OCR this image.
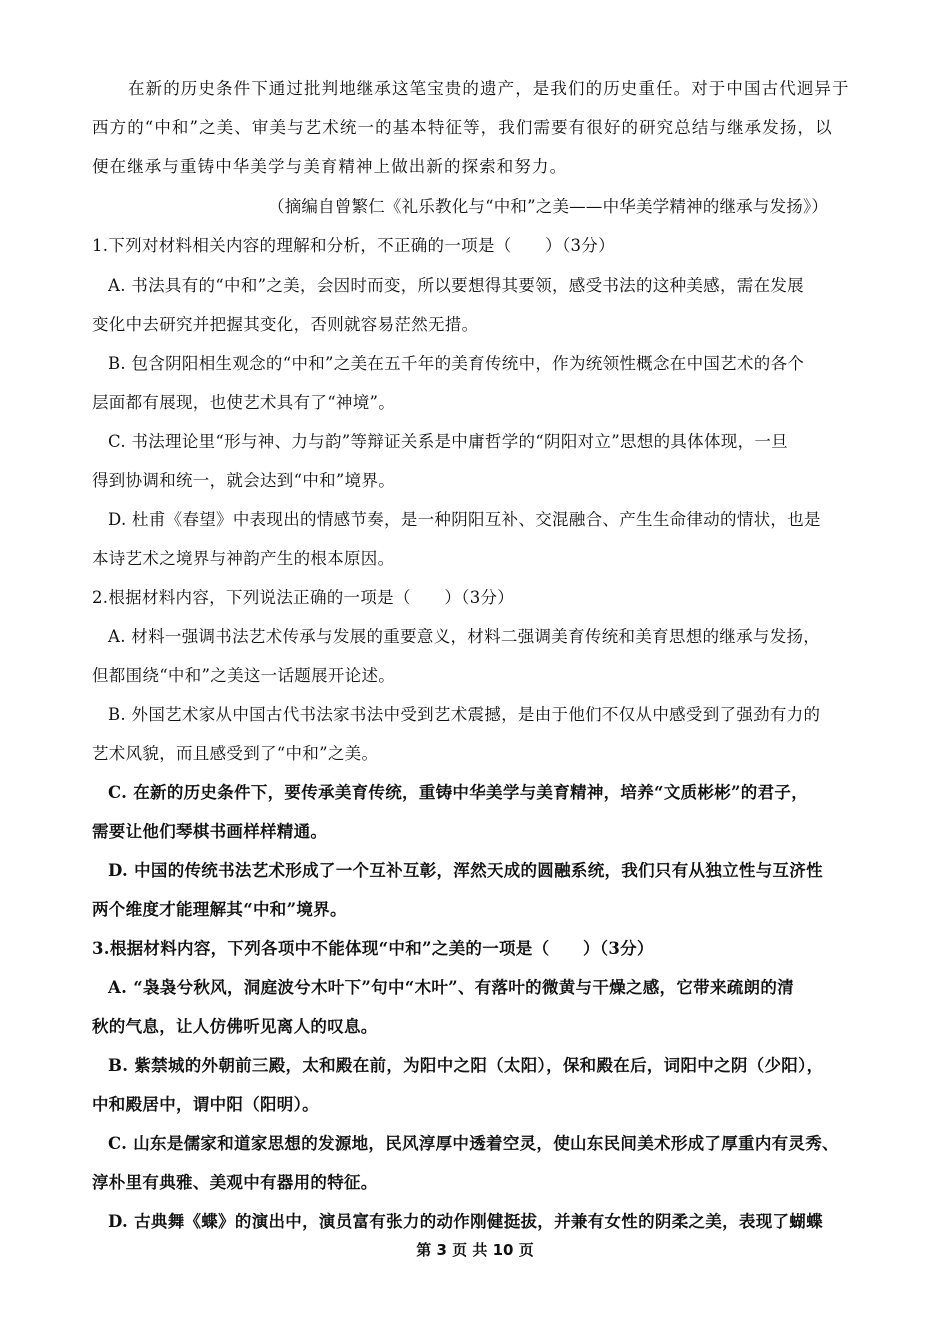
在新的历史条件下通过批判地继承这笔宝贵的遗产，是我们的历史重任。对于中国古代迥异于
西方的“中和”之美、审美与艺术统一的基本特征等，我们需要有很好的研究总结与继承发扬，以
便在继承与重铸中华美学与美育精神上做出新的探索和努力。
（摘编自曾繁仁《礼乐教化与“中和”之美——中华美学精神的继承与发扬》）
1.下列对材料相关内容的理解和分析，不正确的一项是（　　）（3分）
A. 书法具有的“中和”之美，会因时而变，所以要想得其要领，感受书法的这种美感，需在发展
变化中去研究并把握其变化，否则就容易茫然无措。
B. 包含阴阳相生观念的“中和”之美在五千年的美育传统中，作为统领性概念在中国艺术的各个
层面都有展现，也使艺术具有了“神境”。
C. 书法理论里“形与神、力与韵”等辩证关系是中庸哲学的“阴阳对立”思想的具体体现，一旦
得到协调和统一，就会达到“中和”境界。
D. 杜甫《春望》中表现出的情感节奏，是一种阴阳互补、交混融合、产生生命律动的情状，也是
本诗艺术之境界与神韵产生的根本原因。
2.根据材料内容，下列说法正确的一项是（　　）（3分）
A. 材料一强调书法艺术传承与发展的重要意义，材料二强调美育传统和美育思想的继承与发扬，
但都围绕“中和”之美这一话题展开论述。
B. 外国艺术家从中国古代书法家书法中受到艺术震撼，是由于他们不仅从中感受到了强劲有力的
艺术风貌，而且感受到了“中和”之美。
C. 在新的历史条件下，要传承美育传统，重铸中华美学与美育精神，培养“文质彬彬”的君子，
需要让他们琴棋书画样样精通。
D. 中国的传统书法艺术形成了一个互补互彰，浑然天成的圆融系统，我们只有从独立性与互济性
两个维度才能理解其“中和”境界。
3.根据材料内容，下列各项中不能体现“中和”之美的一项是（　　）（3分）
A. “袅袅兮秋风，洞庭波兮木叶下”句中“木叶”、有落叶的微黄与干燥之感，它带来疏朗的清
秋的气息，让人仿佛听见离人的叹息。
B. 紫禁城的外朝前三殿，太和殿在前，为阳中之阳（太阳），保和殿在后，词阳中之阴（少阳），
中和殿居中，谓中阳（阳明）。
C. 山东是儒家和道家思想的发源地，民风淳厚中透着空灵，使山东民间美术形成了厚重内有灵秀、
淳朴里有典雅、美观中有器用的特征。
D. 古典舞《蝶》的演出中，演员富有张力的动作刚健挺拔，并兼有女性的阴柔之美，表现了蝴蝶
第 3 页 共 10 页
